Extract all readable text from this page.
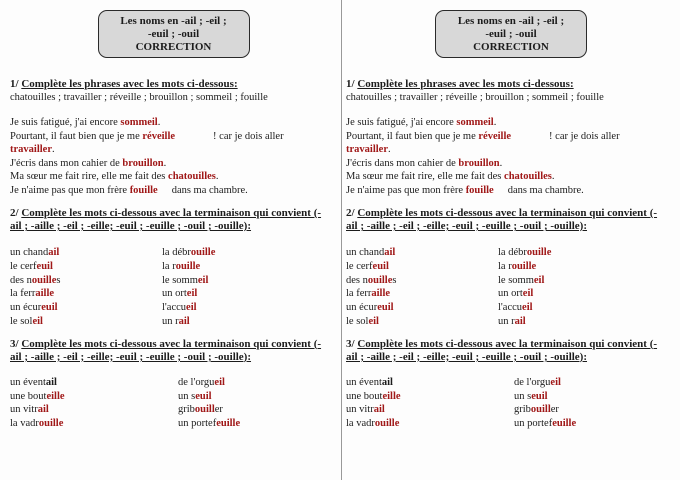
Les noms en -ail ; -eil ;
-euil ; -ouil
CORRECTION
1/ Complète les phrases avec les mots ci-dessous:
chatouilles ; travailler ; réveille ; brouillon ; sommeil ; fouille
Je suis fatigué, j'ai encore sommeil.
Pourtant, il faut bien que je me réveille	! car je dois aller
travailler.
J'écris dans mon cahier de brouillon.
Ma sœur me fait rire, elle me fait des chatouilles.
Je n'aime pas que mon frère fouille dans ma chambre.
2/ Complète les mots ci-dessous avec la terminaison qui convient (-
ail ; -aille ; -eil ; -eille; -euil ; -euille ; -ouil ; -ouille):
un chandail	la débrouille
le cerfeuil	la rouille
des nouilles	le sommeil
la ferraille	un orteil
un écureuil	l'accueil
le soleil	un rail
3/ Complète les mots ci-dessous avec la terminaison qui convient (-
ail ; -aille ; -eil ; -eille; -euil ; -euille ; -ouil ; -ouille):
un éventail	de l'orgueil
une bouteille	un seuil
un vitrail	gribouiller
la vadrouille	un portefeuille
Les noms en -ail ; -eil ;
-euil ; -ouil
CORRECTION
1/ Complète les phrases avec les mots ci-dessous:
chatouilles ; travailler ; réveille ; brouillon ; sommeil ; fouille
Je suis fatigué, j'ai encore sommeil.
Pourtant, il faut bien que je me réveille	! car je dois aller
travailler.
J'écris dans mon cahier de brouillon.
Ma sœur me fait rire, elle me fait des chatouilles.
Je n'aime pas que mon frère fouille dans ma chambre.
2/ Complète les mots ci-dessous avec la terminaison qui convient (-
ail ; -aille ; -eil ; -eille; -euil ; -euille ; -ouil ; -ouille):
un chandail	la débrouille
le cerfeuil	la rouille
des nouilles	le sommeil
la ferraille	un orteil
un écureuil	l'accueil
le soleil	un rail
3/ Complète les mots ci-dessous avec la terminaison qui convient (-
ail ; -aille ; -eil ; -eille; -euil ; -euille ; -ouil ; -ouille):
un éventail	de l'orgueil
une bouteille	un seuil
un vitrail	gribouiller
la vadrouille	un portefeuille
